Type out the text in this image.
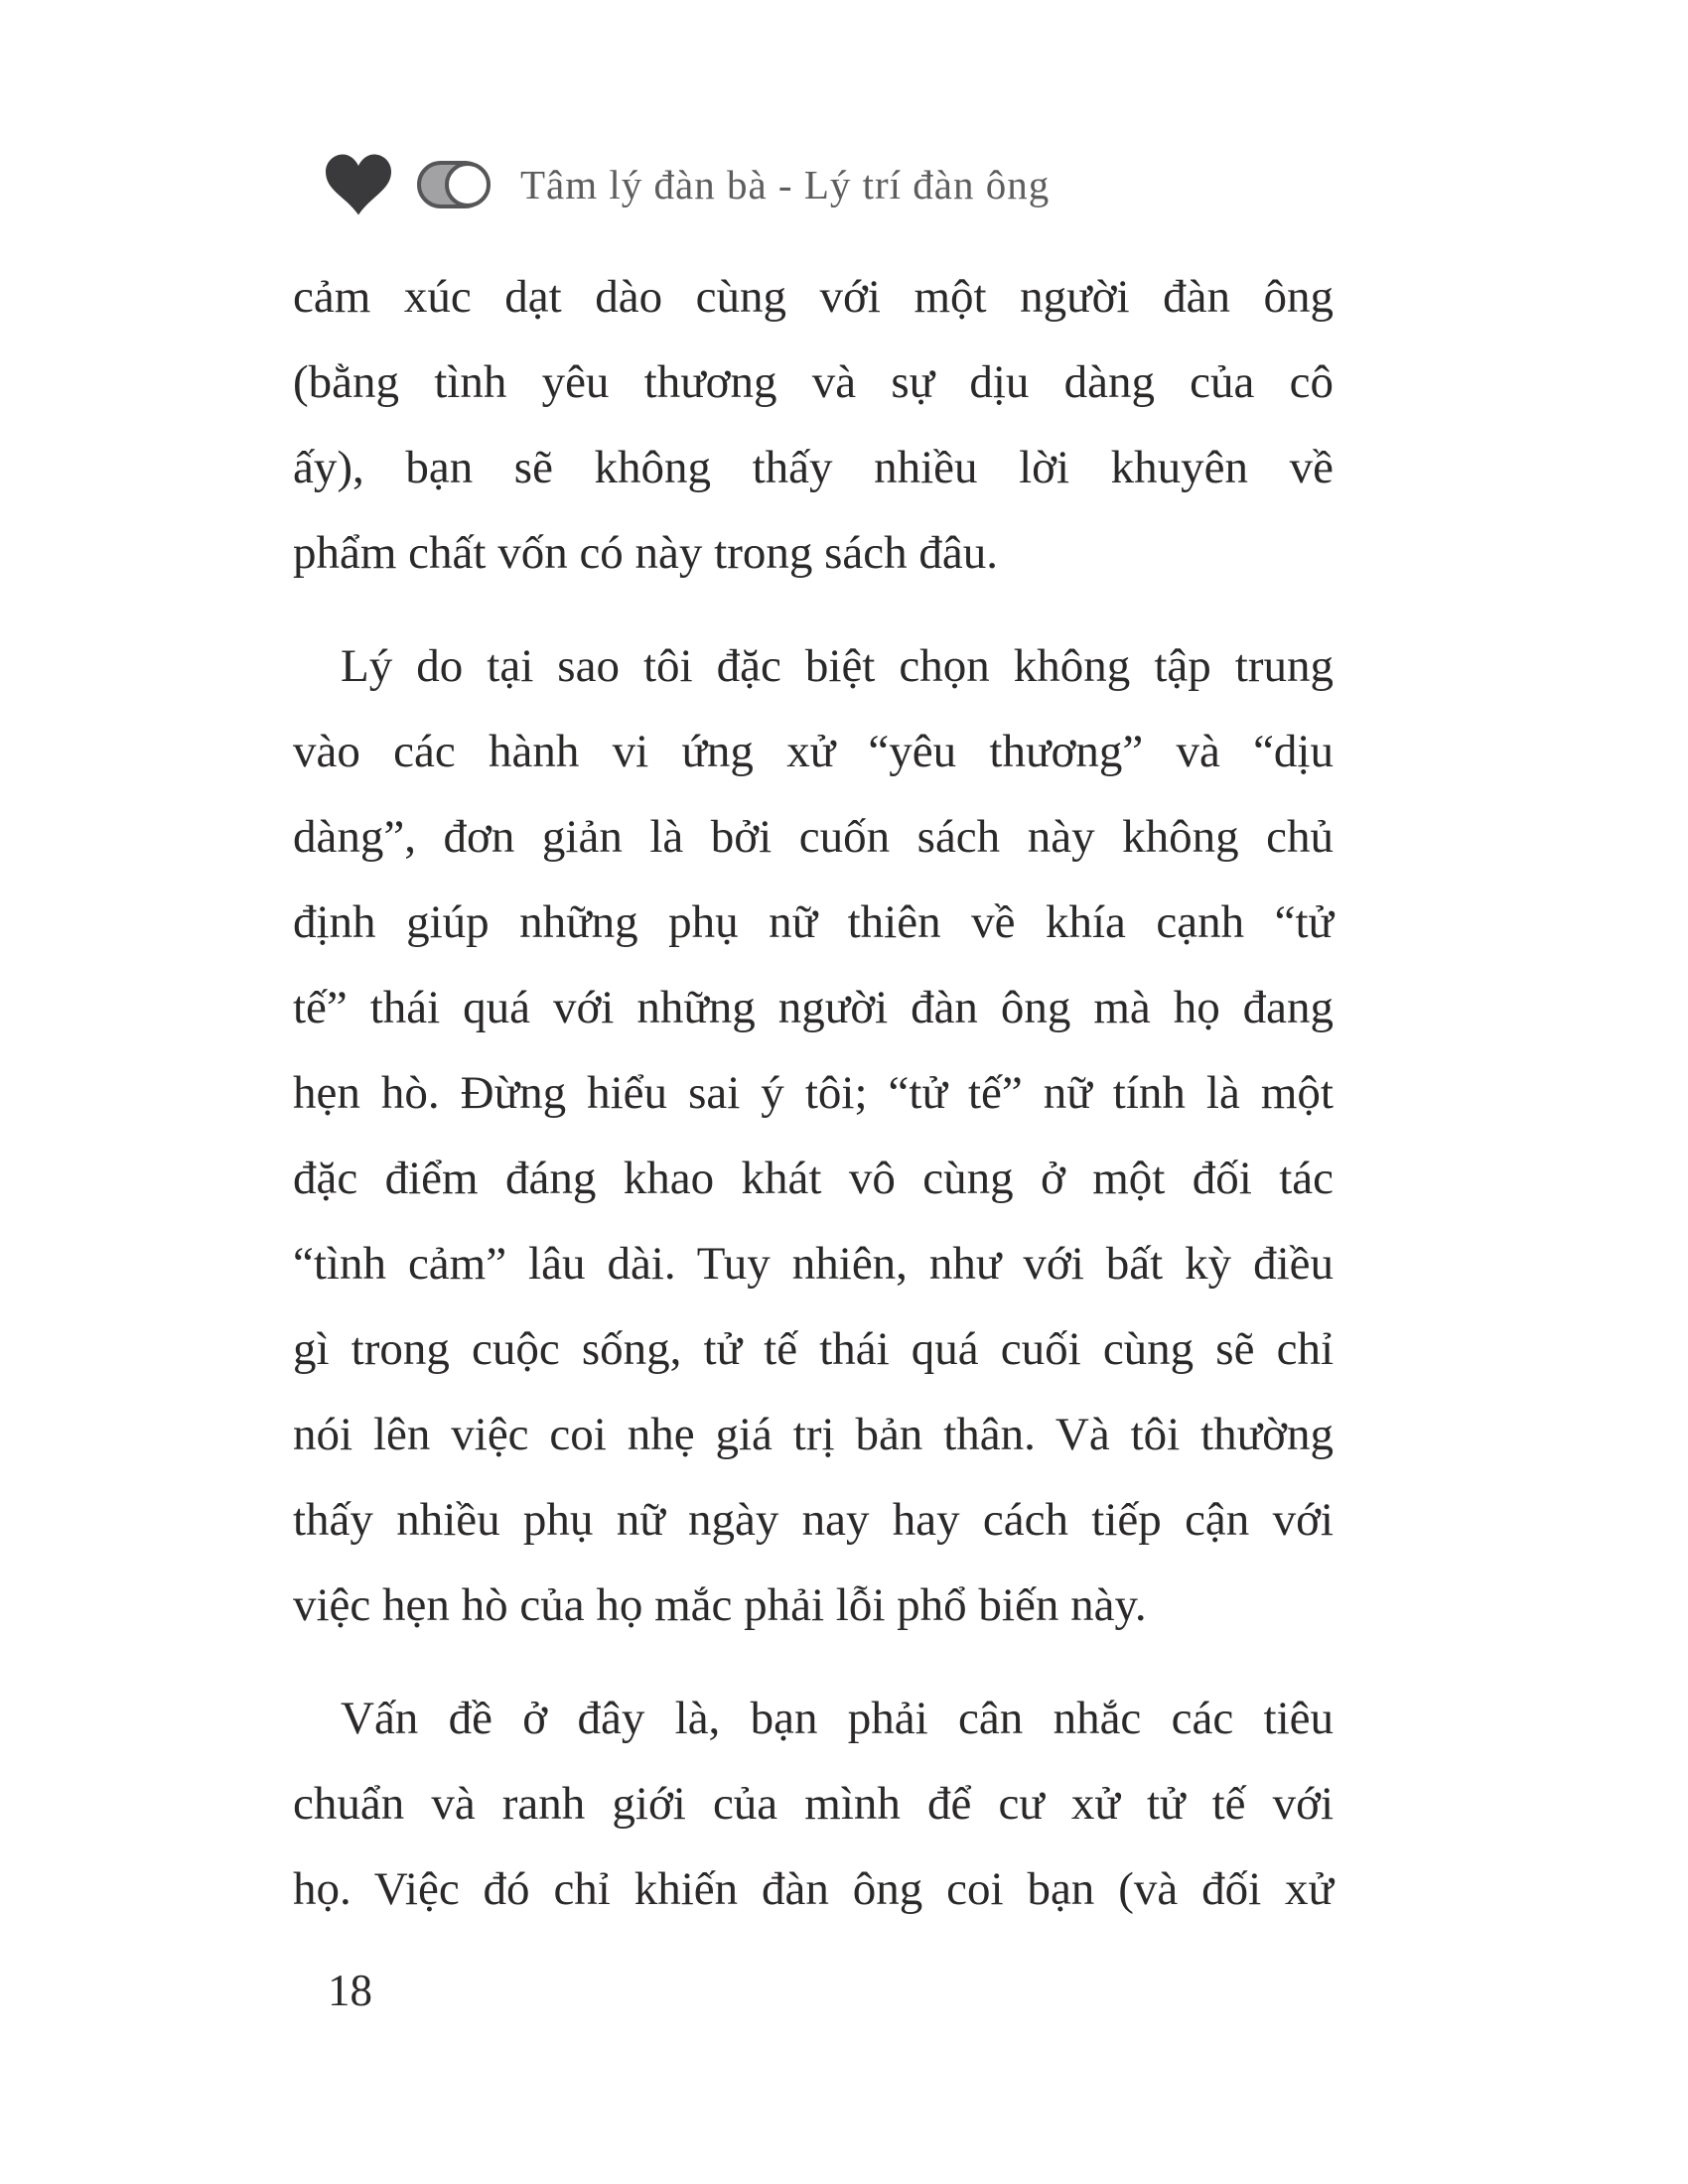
Tâm lý đàn bà - Lý trí đàn ông
cảm xúc dạt dào cùng với một người đàn ông
(bằng tình yêu thương và sự dịu dàng của cô
ấy), bạn sẽ không thấy nhiều lời khuyên về
phẩm chất vốn có này trong sách đâu.
Lý do tại sao tôi đặc biệt chọn không tập trung
vào các hành vi ứng xử “yêu thương” và “dịu
dàng”, đơn giản là bởi cuốn sách này không chủ
định giúp những phụ nữ thiên về khía cạnh “tử
tế” thái quá với những người đàn ông mà họ đang
hẹn hò. Đừng hiểu sai ý tôi; “tử tế” nữ tính là một
đặc điểm đáng khao khát vô cùng ở một đối tác
“tình cảm” lâu dài. Tuy nhiên, như với bất kỳ điều
gì trong cuộc sống, tử tế thái quá cuối cùng sẽ chỉ
nói lên việc coi nhẹ giá trị bản thân. Và tôi thường
thấy nhiều phụ nữ ngày nay hay cách tiếp cận với
việc hẹn hò của họ mắc phải lỗi phổ biến này.
Vấn đề ở đây là, bạn phải cân nhắc các tiêu
chuẩn và ranh giới của mình để cư xử tử tế với
họ. Việc đó chỉ khiến đàn ông coi bạn (và đối xử
18
